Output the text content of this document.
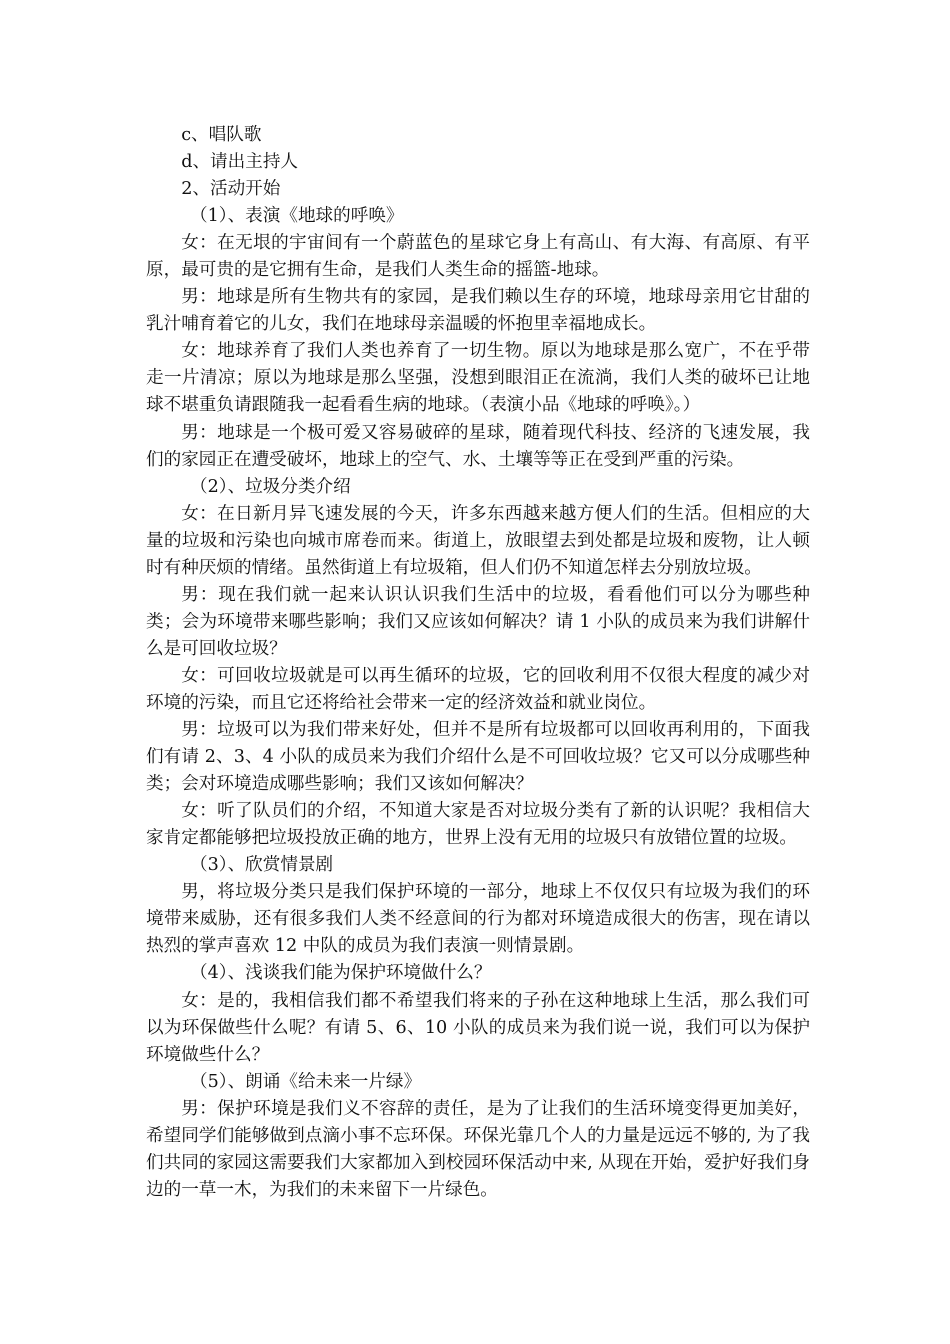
c、唱队歌

d、请出主持人

2、活动开始

（1）、表演《地球的呼唤》

女：在无垠的宇宙间有一个蔚蓝色的星球它身上有高山、有大海、有高原、有平原，最可贵的是它拥有生命，是我们人类生命的摇篮-地球。

男：地球是所有生物共有的家园，是我们赖以生存的环境，地球母亲用它甘甜的乳汁哺育着它的儿女，我们在地球母亲温暖的怀抱里幸福地成长。

女：地球养育了我们人类也养育了一切生物。原以为地球是那么宽广，不在乎带走一片清凉；原以为地球是那么坚强，没想到眼泪正在流淌，我们人类的破坏已让地球不堪重负请跟随我一起看看生病的地球。（表演小品《地球的呼唤》。）

男：地球是一个极可爱又容易破碎的星球，随着现代科技、经济的飞速发展，我们的家园正在遭受破坏，地球上的空气、水、土壤等等正在受到严重的污染。

（2）、垃圾分类介绍

女：在日新月异飞速发展的今天，许多东西越来越方便人们的生活。但相应的大量的垃圾和污染也向城市席卷而来。街道上，放眼望去到处都是垃圾和废物，让人顿时有种厌烦的情绪。虽然街道上有垃圾箱，但人们仍不知道怎样去分别放垃圾。

男：现在我们就一起来认识认识我们生活中的垃圾，看看他们可以分为哪些种类；会为环境带来哪些影响；我们又应该如何解决？请 1 小队的成员来为我们讲解什么是可回收垃圾？

女：可回收垃圾就是可以再生循环的垃圾，它的回收利用不仅很大程度的减少对环境的污染，而且它还将给社会带来一定的经济效益和就业岗位。

男：垃圾可以为我们带来好处，但并不是所有垃圾都可以回收再利用的，下面我们有请 2、3、4 小队的成员来为我们介绍什么是不可回收垃圾？它又可以分成哪些种类；会对环境造成哪些影响；我们又该如何解决？

女：听了队员们的介绍，不知道大家是否对垃圾分类有了新的认识呢？我相信大家肯定都能够把垃圾投放正确的地方，世界上没有无用的垃圾只有放错位置的垃圾。

（3）、欣赏情景剧

男，将垃圾分类只是我们保护环境的一部分，地球上不仅仅只有垃圾为我们的环境带来威胁，还有很多我们人类不经意间的行为都对环境造成很大的伤害，现在请以热烈的掌声喜欢 12 中队的成员为我们表演一则情景剧。

（4）、浅谈我们能为保护环境做什么？

女：是的，我相信我们都不希望我们将来的子孙在这种地球上生活，那么我们可以为环保做些什么呢？有请 5、6、10 小队的成员来为我们说一说，我们可以为保护环境做些什么？

（5）、朗诵《给未来一片绿》

男：保护环境是我们义不容辞的责任，是为了让我们的生活环境变得更加美好，希望同学们能够做到点滴小事不忘环保。环保光靠几个人的力量是远远不够的, 为了我们共同的家园这需要我们大家都加入到校园环保活动中来, 从现在开始，爱护好我们身边的一草一木，为我们的未来留下一片绿色。
